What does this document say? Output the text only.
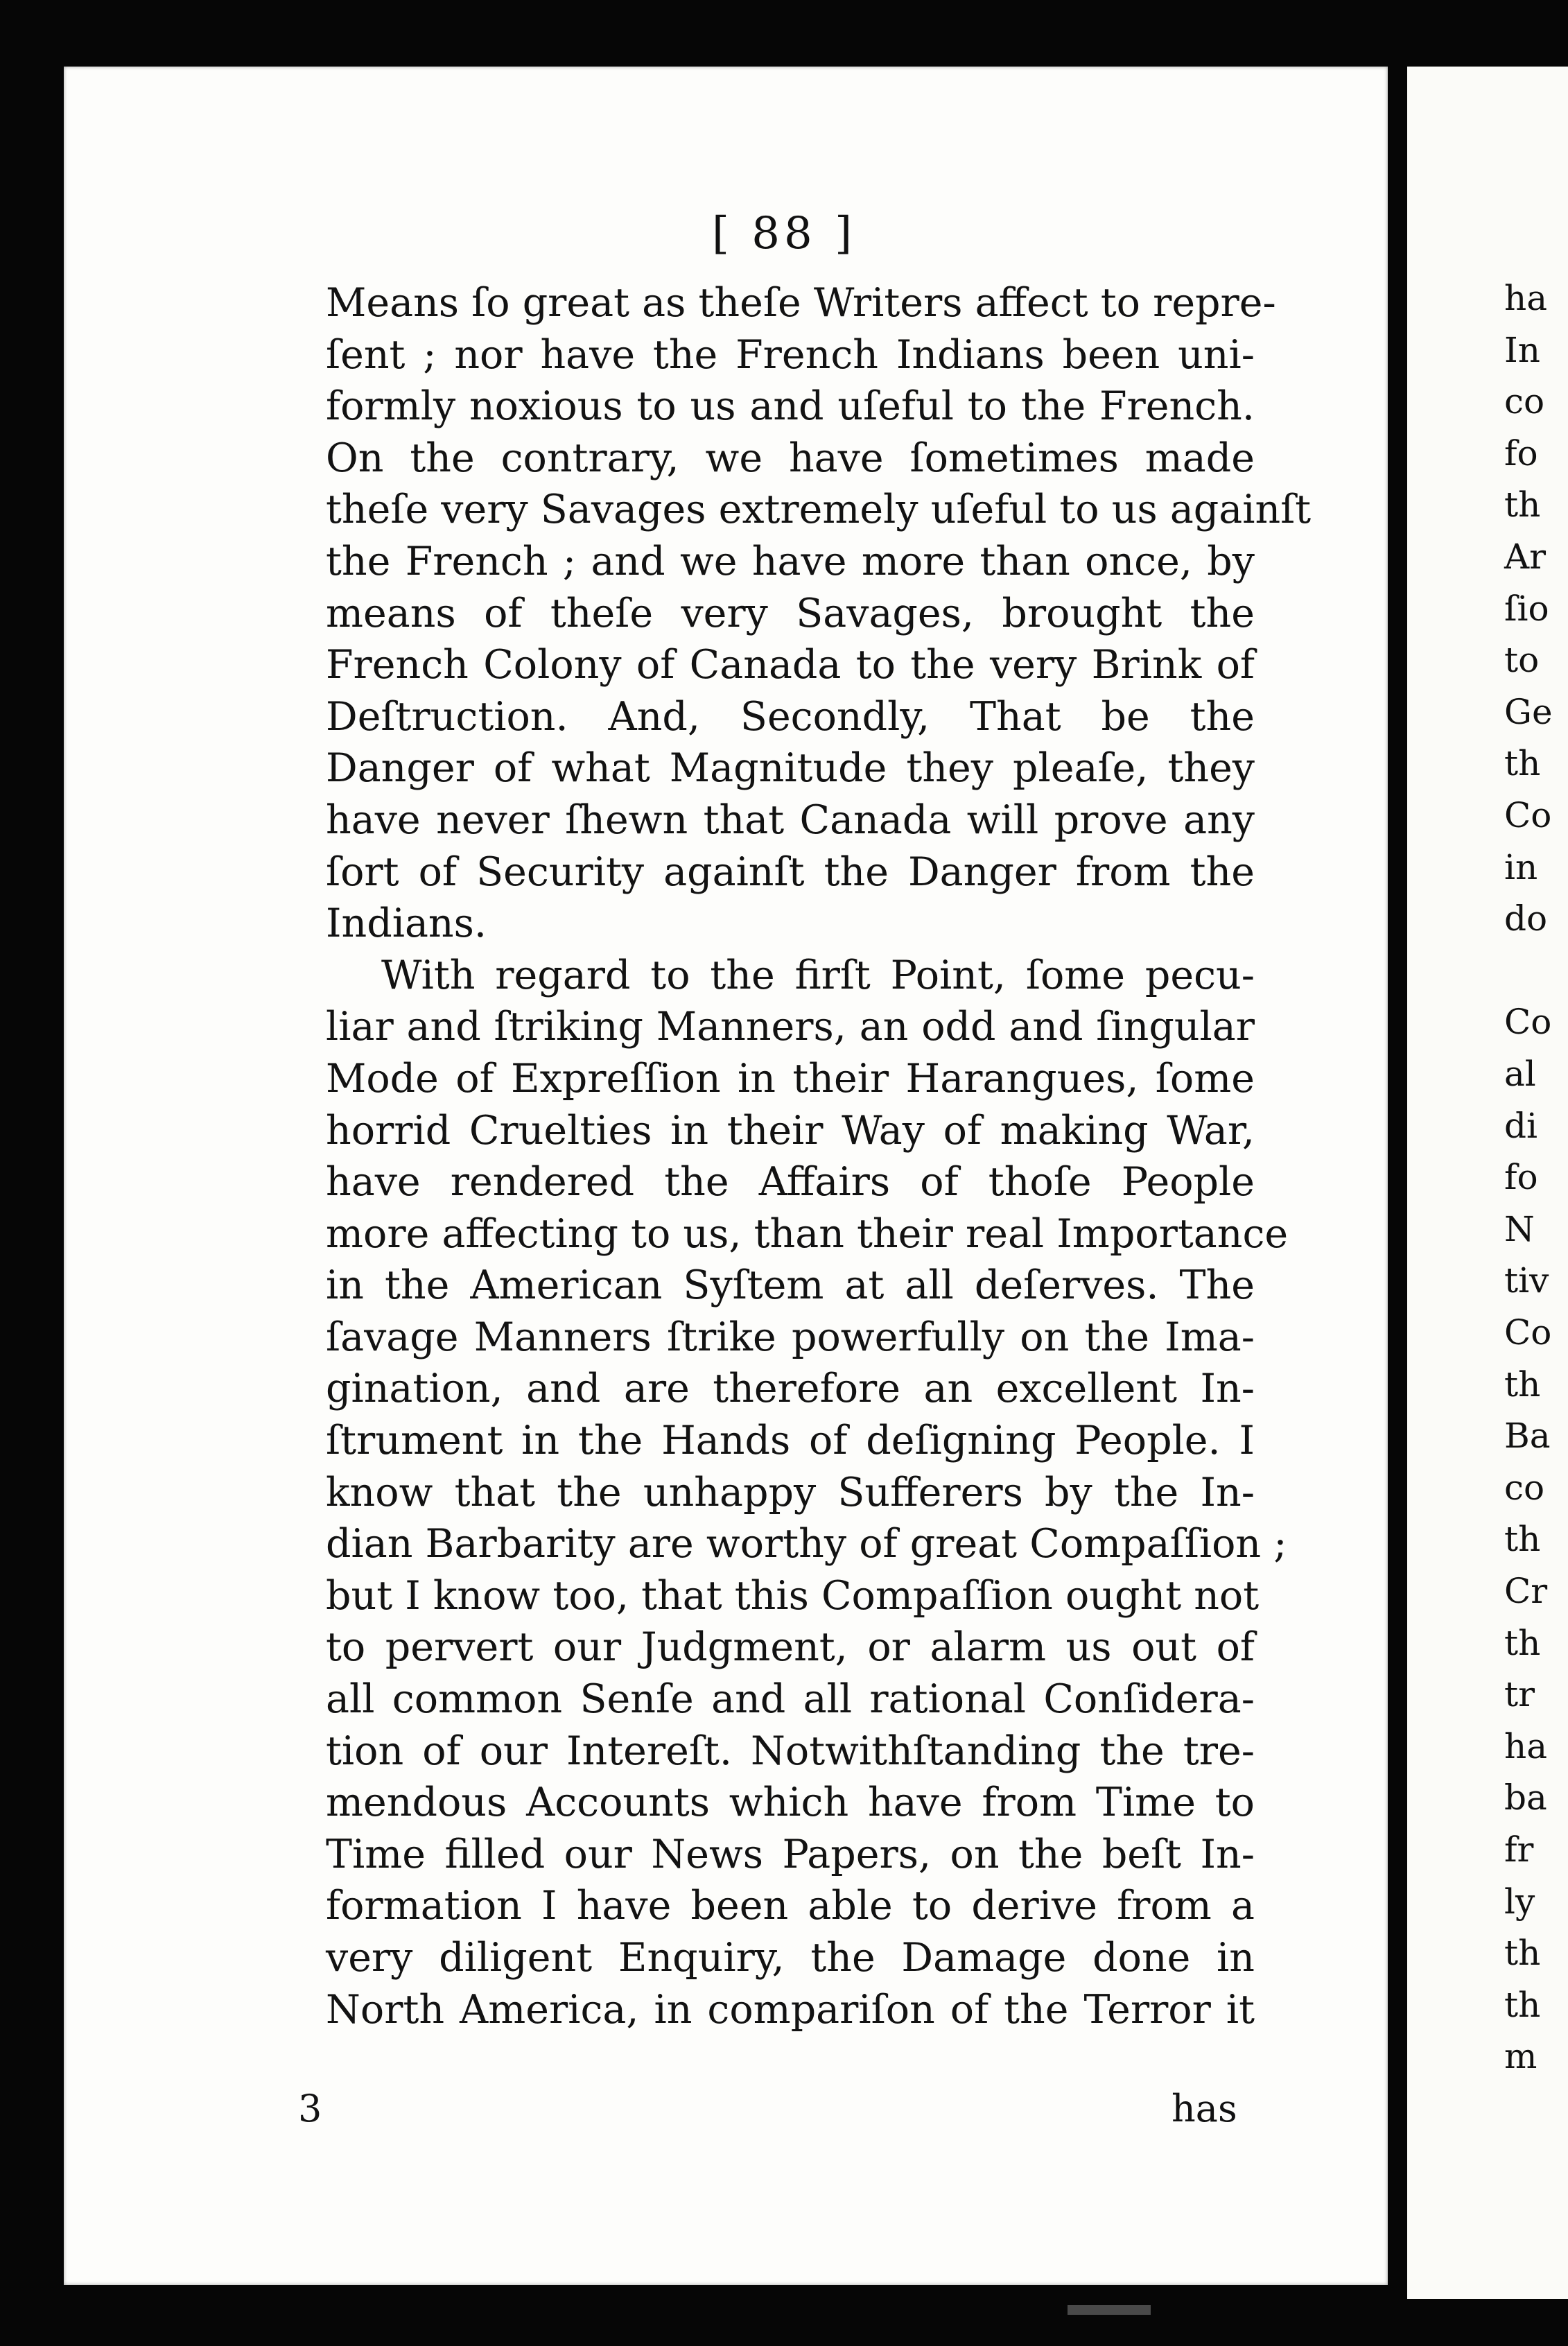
[ 88 ]
Means ſo great as theſe Writers affect to repre-
ſent ; nor have the French Indians been uni-
formly noxious to us and uſeful to the French.
On the contrary, we have ſometimes made
theſe very Savages extremely uſeful to us againſt
the French ; and we have more than once, by
means of theſe very Savages, brought the
French Colony of Canada to the very Brink of
Deſtruction. And, Secondly, That be the
Danger of what Magnitude they pleaſe, they
have never ſhewn that Canada will prove any
ſort of Security againſt the Danger from the
Indians.
With regard to the firſt Point, ſome pecu-
liar and ſtriking Manners, an odd and ſingular
Mode of Expreſſion in their Harangues, ſome
horrid Cruelties in their Way of making War,
have rendered the Affairs of thoſe People
more affecting to us, than their real Importance
in the American Syſtem at all deſerves. The
ſavage Manners ſtrike powerfully on the Ima-
gination, and are therefore an excellent In-
ſtrument in the Hands of deſigning People. I
know that the unhappy Sufferers by the In-
dian Barbarity are worthy of great Compaſſion ;
but I know too, that this Compaſſion ought not
to pervert our Judgment, or alarm us out of
all common Senſe and all rational Conſidera-
tion of our Intereſt. Notwithſtanding the tre-
mendous Accounts which have from Time to
Time filled our News Papers, on the beſt In-
formation I have been able to derive from a
very diligent Enquiry, the Damage done in
North America, in compariſon of the Terror it
3	has
ha
In
co
fo
th
Ar
ſio
to
Ge
th
Co
in
do
Co
al
di
fo
N
tiv
Co
th
Ba
co
th
Cr
th
tr
ha
ba
fr
ly
th
th
m
